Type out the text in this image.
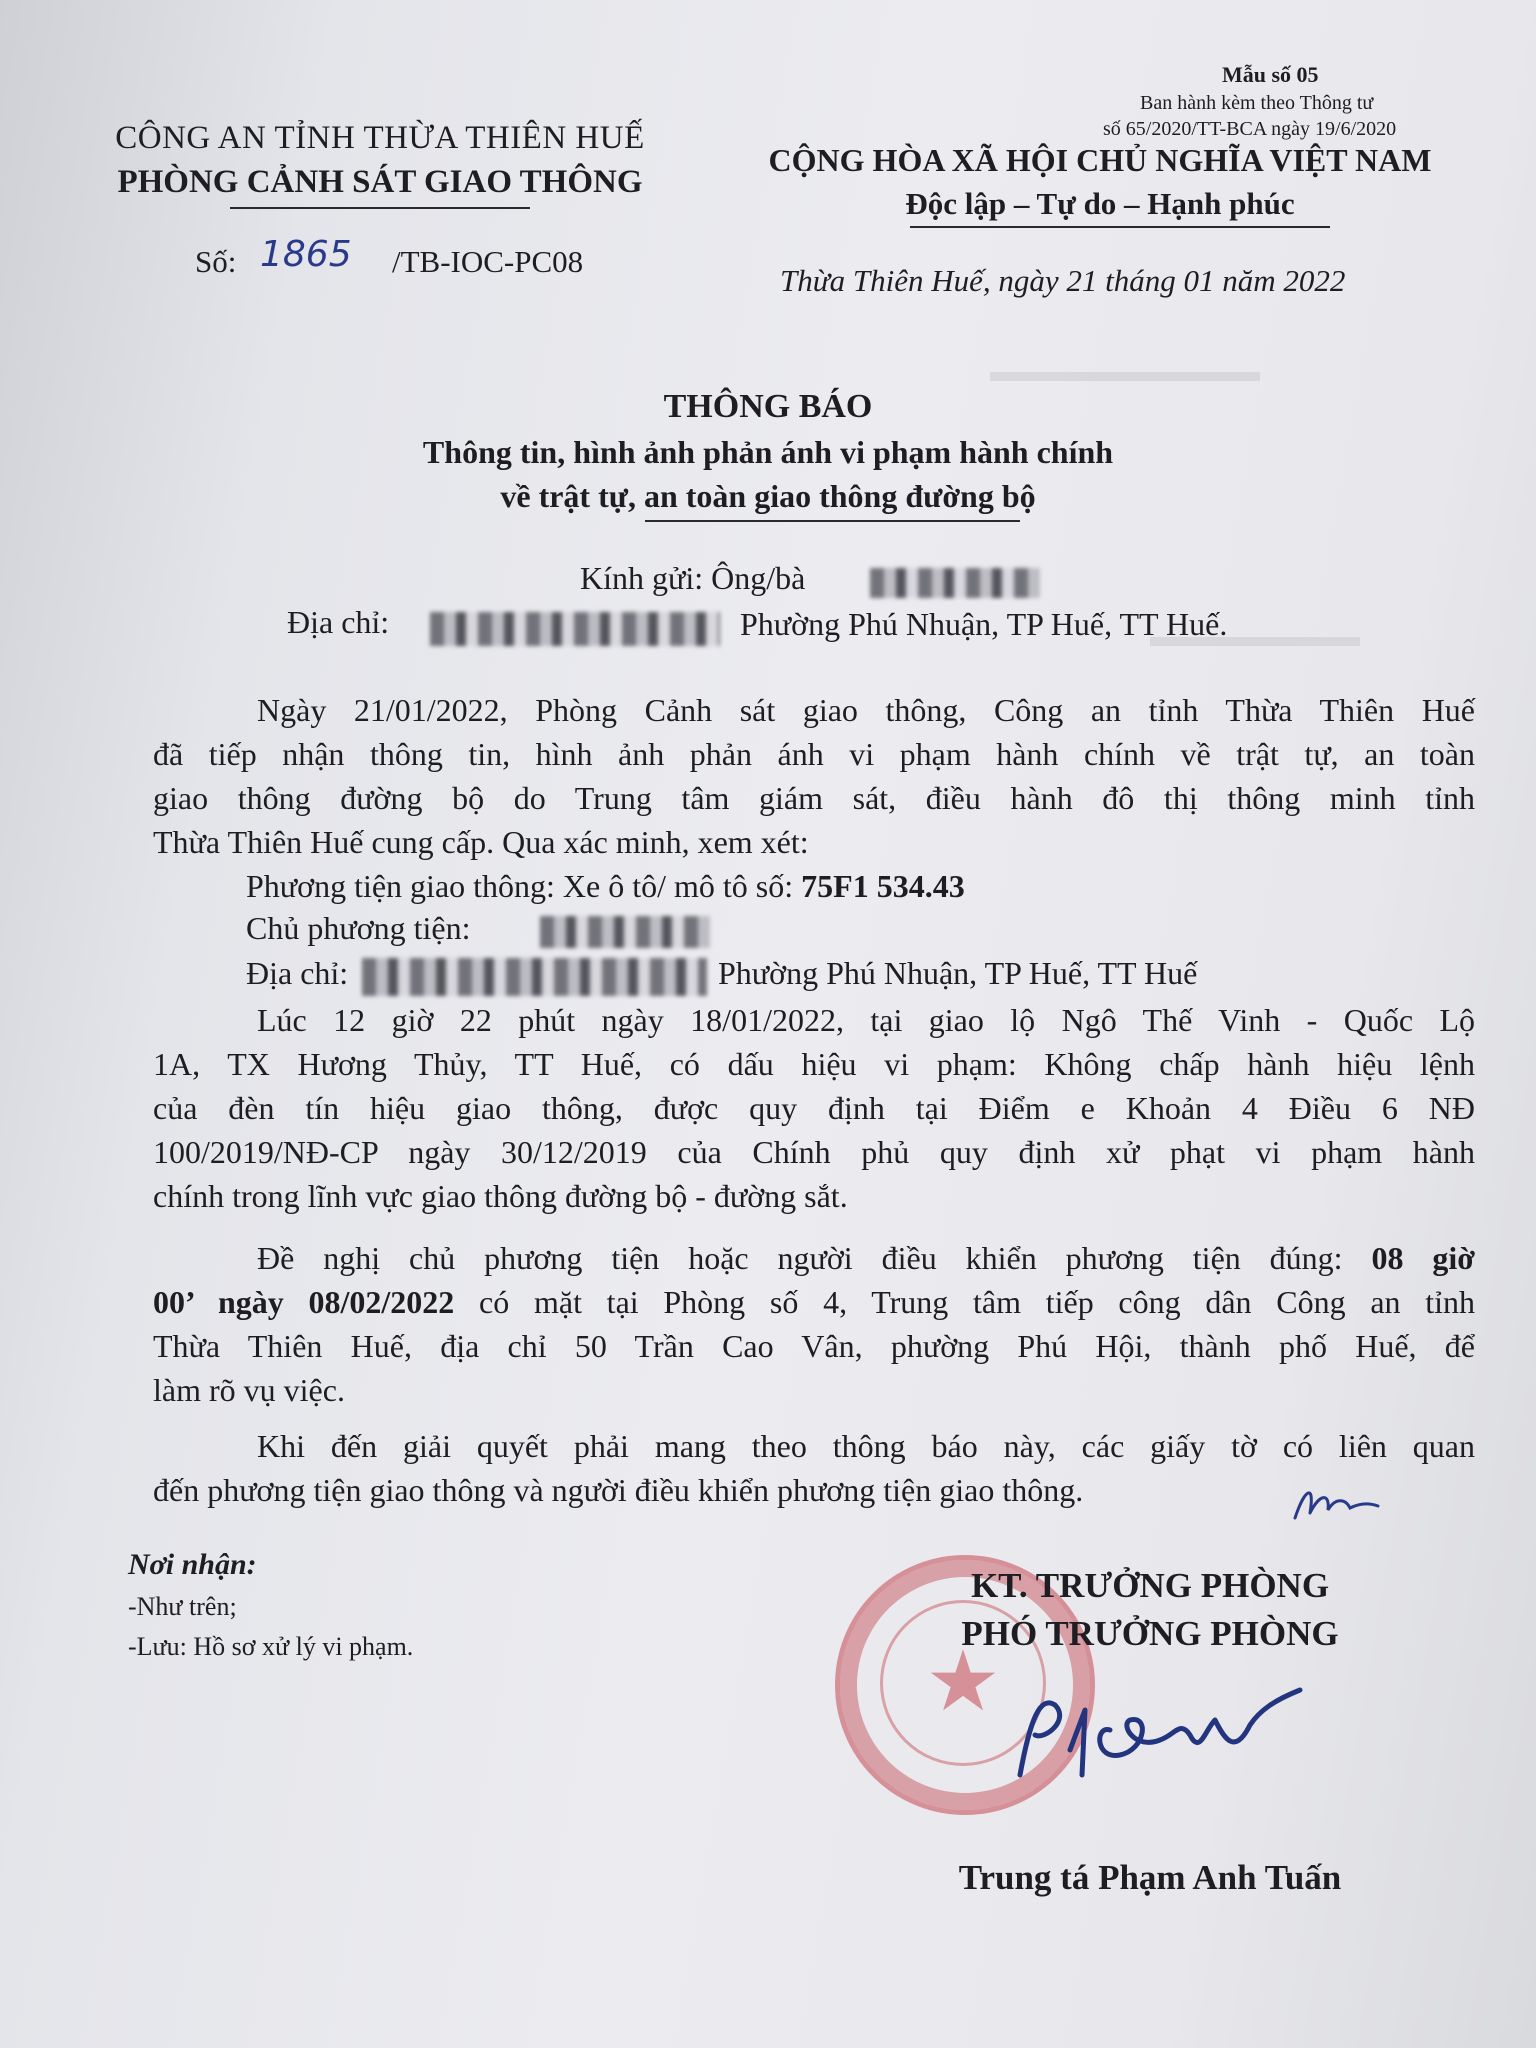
▬▬▬▬▬▬▬▬▬
▬▬▬▬▬▬▬
CÔNG AN TỈNH THỪA THIÊN HUẾ
PHÒNG CẢNH SÁT GIAO THÔNG
Số: 1865 /TB-IOC-PC08
Mẫu số 05
Ban hành kèm theo Thông tư
số 65/2020/TT-BCA ngày 19/6/2020
CỘNG HÒA XÃ HỘI CHỦ NGHĨA VIỆT NAM
Độc lập – Tự do – Hạnh phúc
Thừa Thiên Huế, ngày 21 tháng 01 năm 2022
THÔNG BÁO
Thông tin, hình ảnh phản ánh vi phạm hành chính
về trật tự, an toàn giao thông đường bộ
Kính gửi: Ông/bà
Địa chỉ:	Phường Phú Nhuận, TP Huế, TT Huế.
Ngày 21/01/2022, Phòng Cảnh sát giao thông, Công an tỉnh Thừa Thiên Huế
đã tiếp nhận thông tin, hình ảnh phản ánh vi phạm hành chính về trật tự, an toàn
giao thông đường bộ do Trung tâm giám sát, điều hành đô thị thông minh tỉnh
Thừa Thiên Huế cung cấp. Qua xác minh, xem xét:
Phương tiện giao thông: Xe ô tô/ mô tô số: 75F1 534.43
Chủ phương tiện:
Địa chỉ:	Phường Phú Nhuận, TP Huế, TT Huế
Lúc 12 giờ 22 phút ngày 18/01/2022, tại giao lộ Ngô Thế Vinh - Quốc Lộ
1A, TX Hương Thủy, TT Huế, có dấu hiệu vi phạm: Không chấp hành hiệu lệnh
của đèn tín hiệu giao thông, được quy định tại Điểm e Khoản 4 Điều 6 NĐ
100/2019/NĐ-CP ngày 30/12/2019 của Chính phủ quy định xử phạt vi phạm hành
chính trong lĩnh vực giao thông đường bộ - đường sắt.
Đề nghị chủ phương tiện hoặc người điều khiển phương tiện đúng: 08 giờ
00’ ngày 08/02/2022 có mặt tại Phòng số 4, Trung tâm tiếp công dân Công an tỉnh
Thừa Thiên Huế, địa chỉ 50 Trần Cao Vân, phường Phú Hội, thành phố Huế, để
làm rõ vụ việc.
Khi đến giải quyết phải mang theo thông báo này, các giấy tờ có liên quan
đến phương tiện giao thông và người điều khiển phương tiện giao thông.
Nơi nhận:
-Như trên;
-Lưu: Hồ sơ xử lý vi phạm.	★
KT. TRƯỞNG PHÒNG
PHÓ TRƯỞNG PHÒNG
Trung tá Phạm Anh Tuấn
